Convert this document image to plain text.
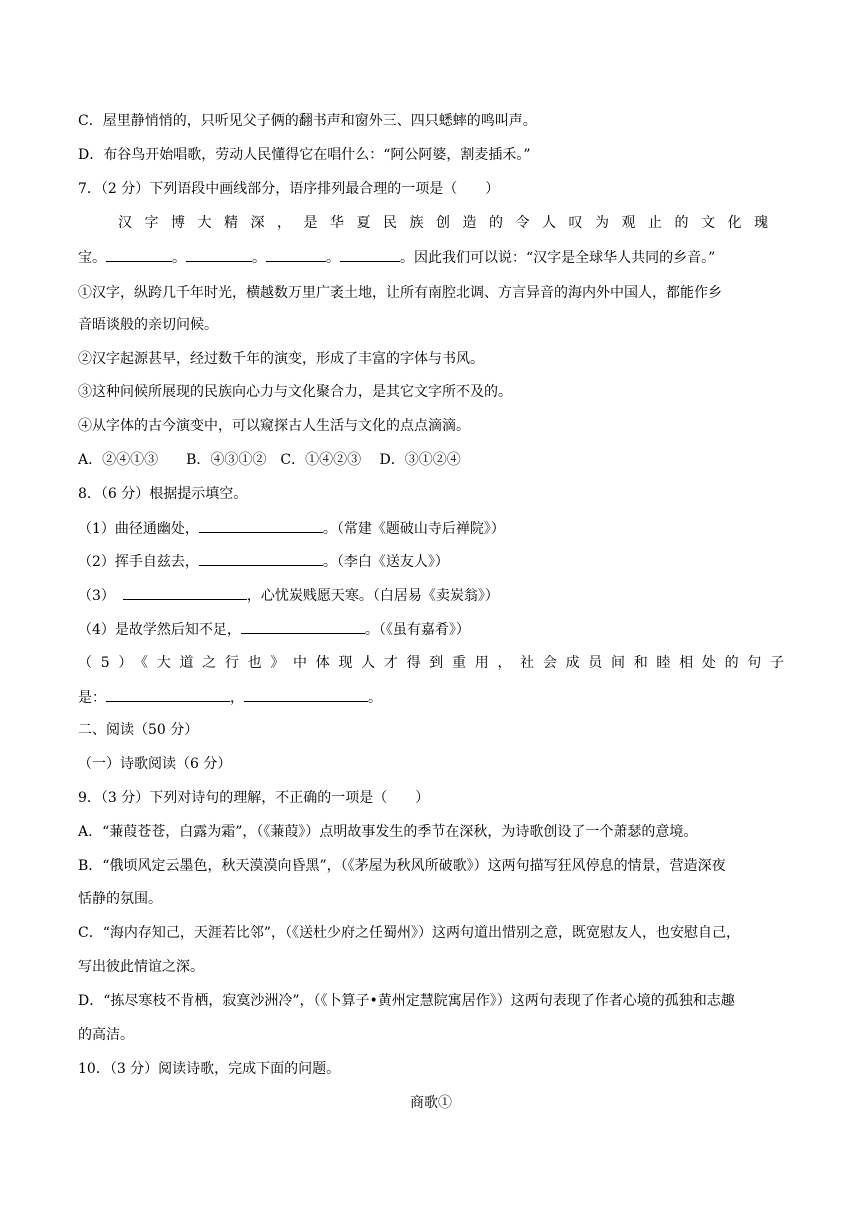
C．屋里静悄悄的，只听见父子俩的翻书声和窗外三、四只蟋蟀的鸣叫声。
D．布谷鸟开始唱歌，劳动人民懂得它在唱什么：“阿公阿婆，割麦插禾。”
7．（2 分）下列语段中画线部分，语序排列最合理的一项是（　　）
汉字博大精深，是华夏民族创造的令人叹为观止的文化瑰
宝。	。	。	。	。因此我们可以说：“汉字是全球华人共同的乡音。”
①汉字，纵跨几千年时光，横越数万里广袤土地，让所有南腔北调、方言异音的海内外中国人，都能作乡
音晤谈般的亲切问候。
②汉字起源甚早，经过数千年的演变，形成了丰富的字体与书风。
③这种问候所展现的民族向心力与文化聚合力，是其它文字所不及的。
④从字体的古今演变中，可以窥探古人生活与文化的点点滴滴。
A．②④①③　　B．④③①②　C．①④②③　 D．③①②④
8．（6 分）根据提示填空。
（1）曲径通幽处，	。（常建《题破山寺后禅院》）
（2）挥手自兹去，	。（李白《送友人》）
（3）	，心忧炭贱愿天寒。（白居易《卖炭翁》）
（4）是故学然后知不足，	。（《虽有嘉肴》）
（5）《大道之行也》中体现人才得到重用，社会成员间和睦相处的句子
是：	，	。
二、阅读（50 分）
（一）诗歌阅读（6 分）
9．（3 分）下列对诗句的理解，不正确的一项是（　　）
A．“蒹葭苍苍，白露为霜”，（《蒹葭》）点明故事发生的季节在深秋，为诗歌创设了一个萧瑟的意境。
B．“俄顷风定云墨色，秋天漠漠向昏黑”，（《茅屋为秋风所破歌》）这两句描写狂风停息的情景，营造深夜
恬静的氛围。
C．“海内存知己，天涯若比邻”，（《送杜少府之任蜀州》）这两句道出惜别之意，既宽慰友人，也安慰自己，
写出彼此情谊之深。
D．“拣尽寒枝不肯栖，寂寞沙洲冷”，（《卜算子•黄州定慧院寓居作》）这两句表现了作者心境的孤独和志趣
的高洁。
10．（3 分）阅读诗歌，完成下面的问题。
商歌①
